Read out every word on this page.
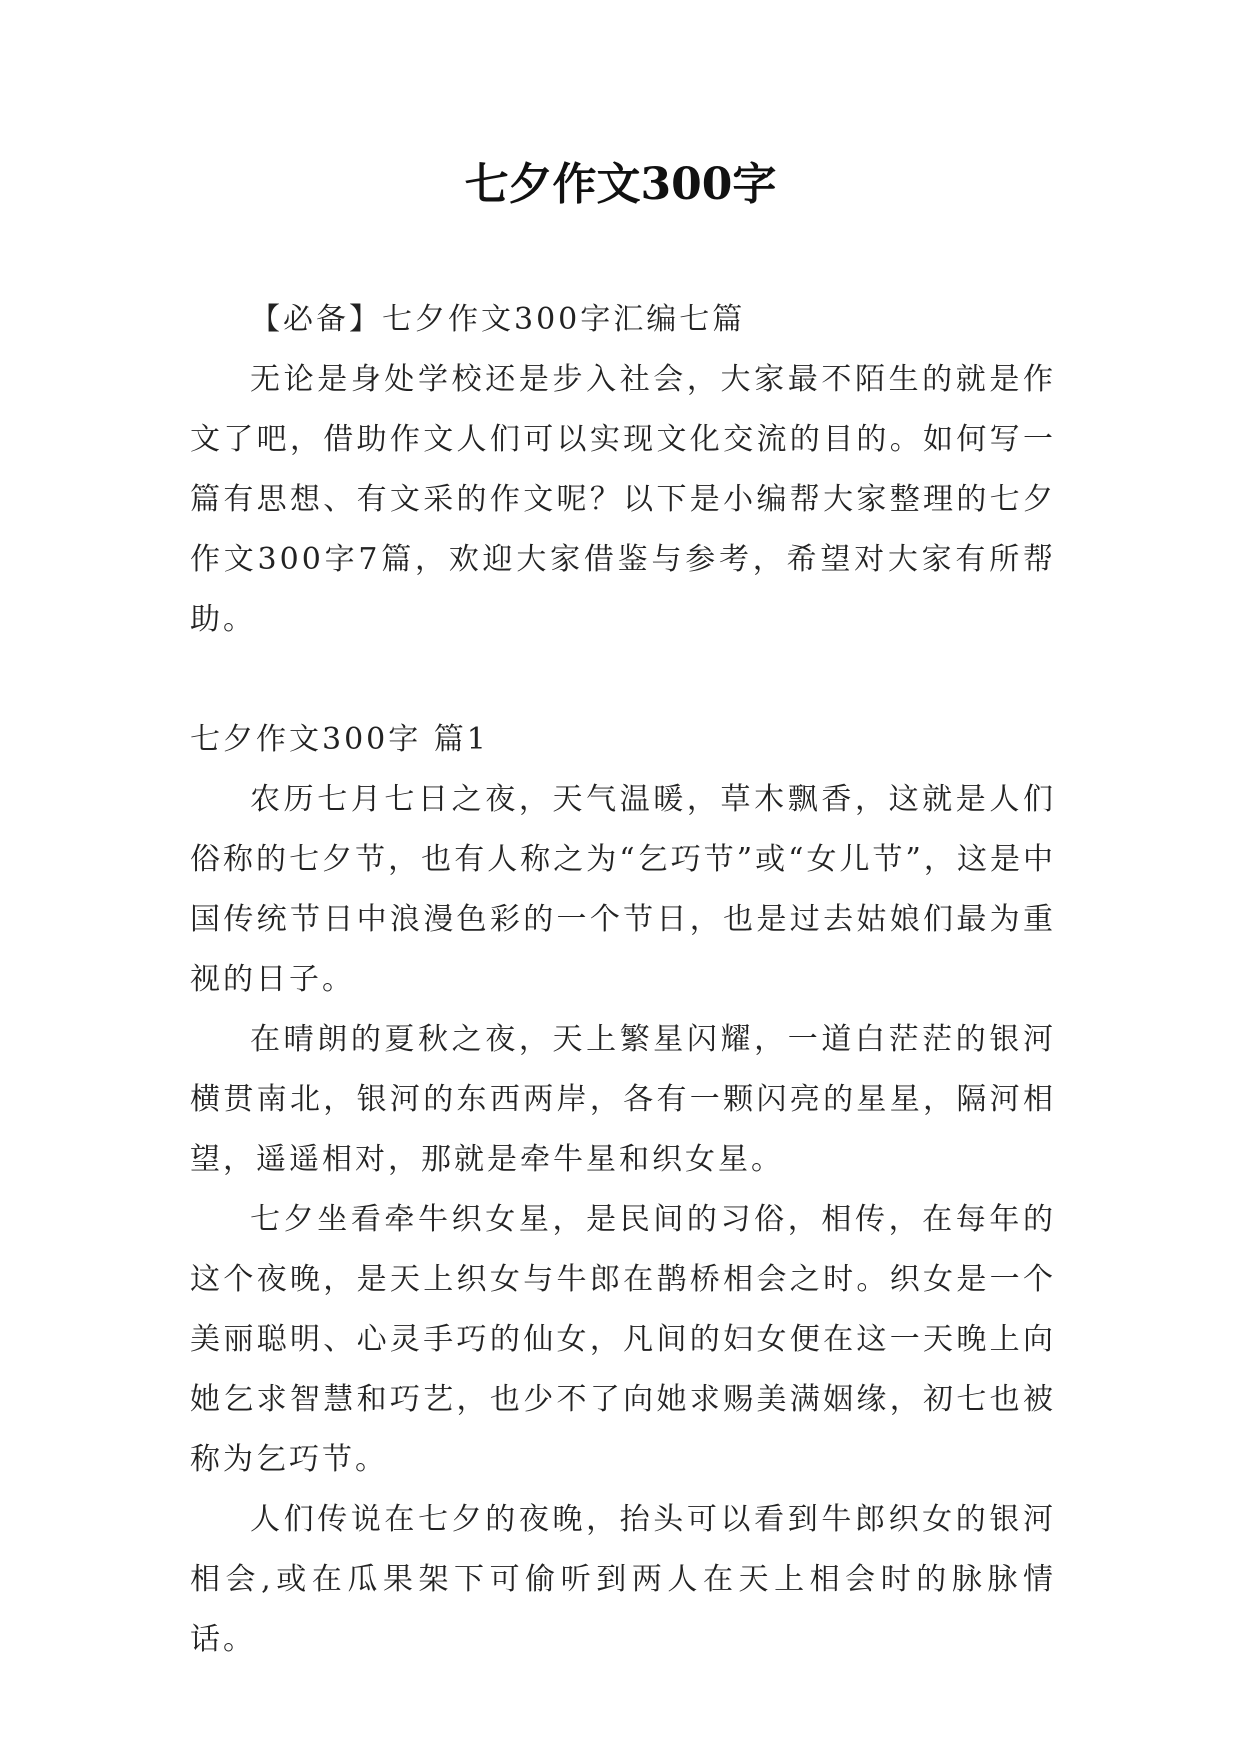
七夕作文300字

【必备】七夕作文300字汇编七篇

无论是身处学校还是步入社会，大家最不陌生的就是作文了吧，借助作文人们可以实现文化交流的目的。如何写一篇有思想、有文采的作文呢？以下是小编帮大家整理的七夕作文300字7篇，欢迎大家借鉴与参考，希望对大家有所帮助。

七夕作文300字 篇1

农历七月七日之夜，天气温暖，草木飘香，这就是人们俗称的七夕节，也有人称之为“乞巧节”或“女儿节”，这是中国传统节日中浪漫色彩的一个节日，也是过去姑娘们最为重视的日子。

在晴朗的夏秋之夜，天上繁星闪耀，一道白茫茫的银河横贯南北，银河的东西两岸，各有一颗闪亮的星星，隔河相望，遥遥相对，那就是牵牛星和织女星。

七夕坐看牵牛织女星，是民间的习俗，相传，在每年的这个夜晚，是天上织女与牛郎在鹊桥相会之时。织女是一个美丽聪明、心灵手巧的仙女，凡间的妇女便在这一天晚上向她乞求智慧和巧艺，也少不了向她求赐美满姻缘，初七也被称为乞巧节。

人们传说在七夕的夜晚，抬头可以看到牛郎织女的银河相会,或在瓜果架下可偷听到两人在天上相会时的脉脉情话。
